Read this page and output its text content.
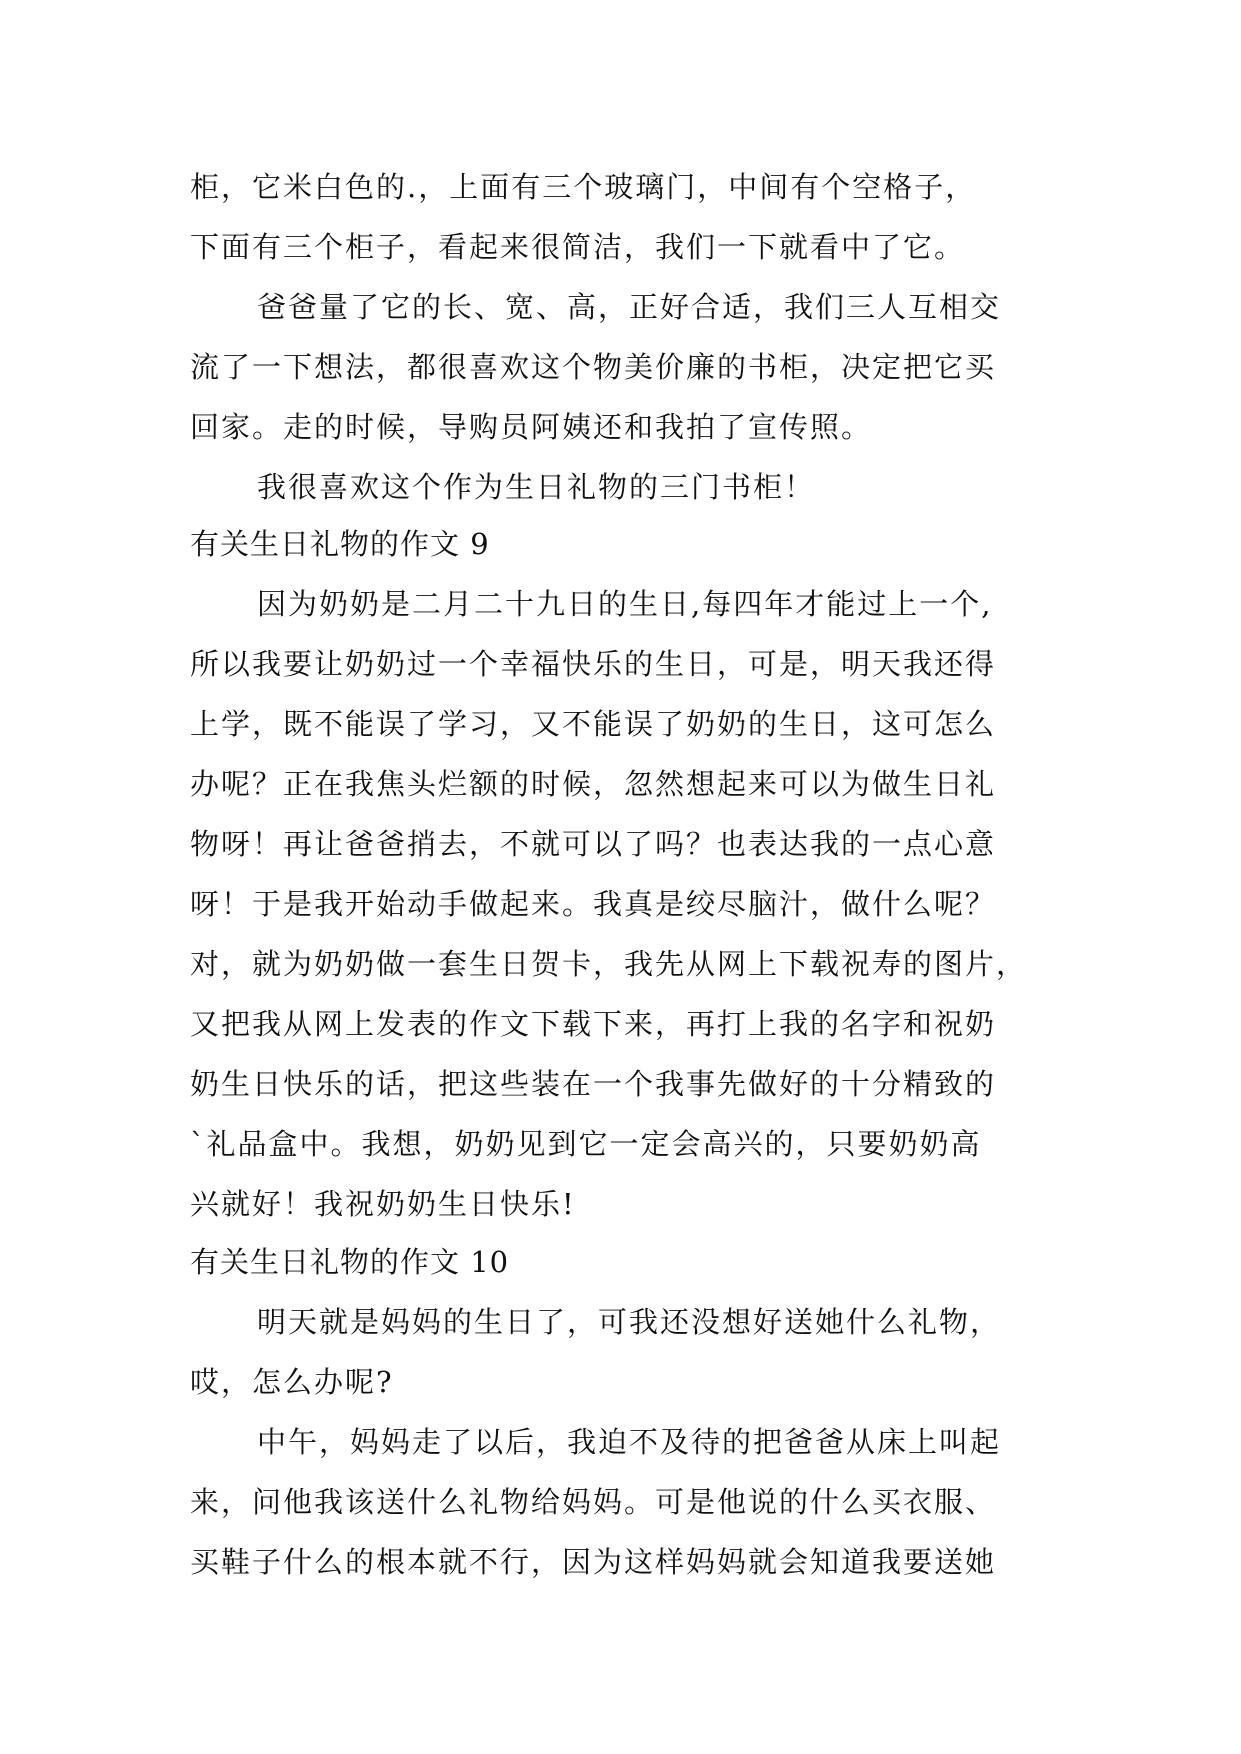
柜，它米白色的.，上面有三个玻璃门，中间有个空格子，
下面有三个柜子，看起来很简洁，我们一下就看中了它。
爸爸量了它的长、宽、高，正好合适，我们三人互相交
流了一下想法，都很喜欢这个物美价廉的书柜，决定把它买
回家。走的时候，导购员阿姨还和我拍了宣传照。
我很喜欢这个作为生日礼物的三门书柜！
有关生日礼物的作文 9
因为奶奶是二月二十九日的生日,每四年才能过上一个,
所以我要让奶奶过一个幸福快乐的生日，可是，明天我还得
上学，既不能误了学习，又不能误了奶奶的生日，这可怎么
办呢？正在我焦头烂额的时候，忽然想起来可以为做生日礼
物呀！再让爸爸捎去，不就可以了吗？也表达我的一点心意
呀！于是我开始动手做起来。我真是绞尽脑汁，做什么呢？
对，就为奶奶做一套生日贺卡，我先从网上下载祝寿的图片，
又把我从网上发表的作文下载下来，再打上我的名字和祝奶
奶生日快乐的话，把这些装在一个我事先做好的十分精致的
`礼品盒中。我想，奶奶见到它一定会高兴的，只要奶奶高
兴就好！我祝奶奶生日快乐!
有关生日礼物的作文 10
明天就是妈妈的生日了，可我还没想好送她什么礼物，
哎，怎么办呢?
中午，妈妈走了以后，我迫不及待的把爸爸从床上叫起
来，问他我该送什么礼物给妈妈。可是他说的什么买衣服、
买鞋子什么的根本就不行，因为这样妈妈就会知道我要送她
